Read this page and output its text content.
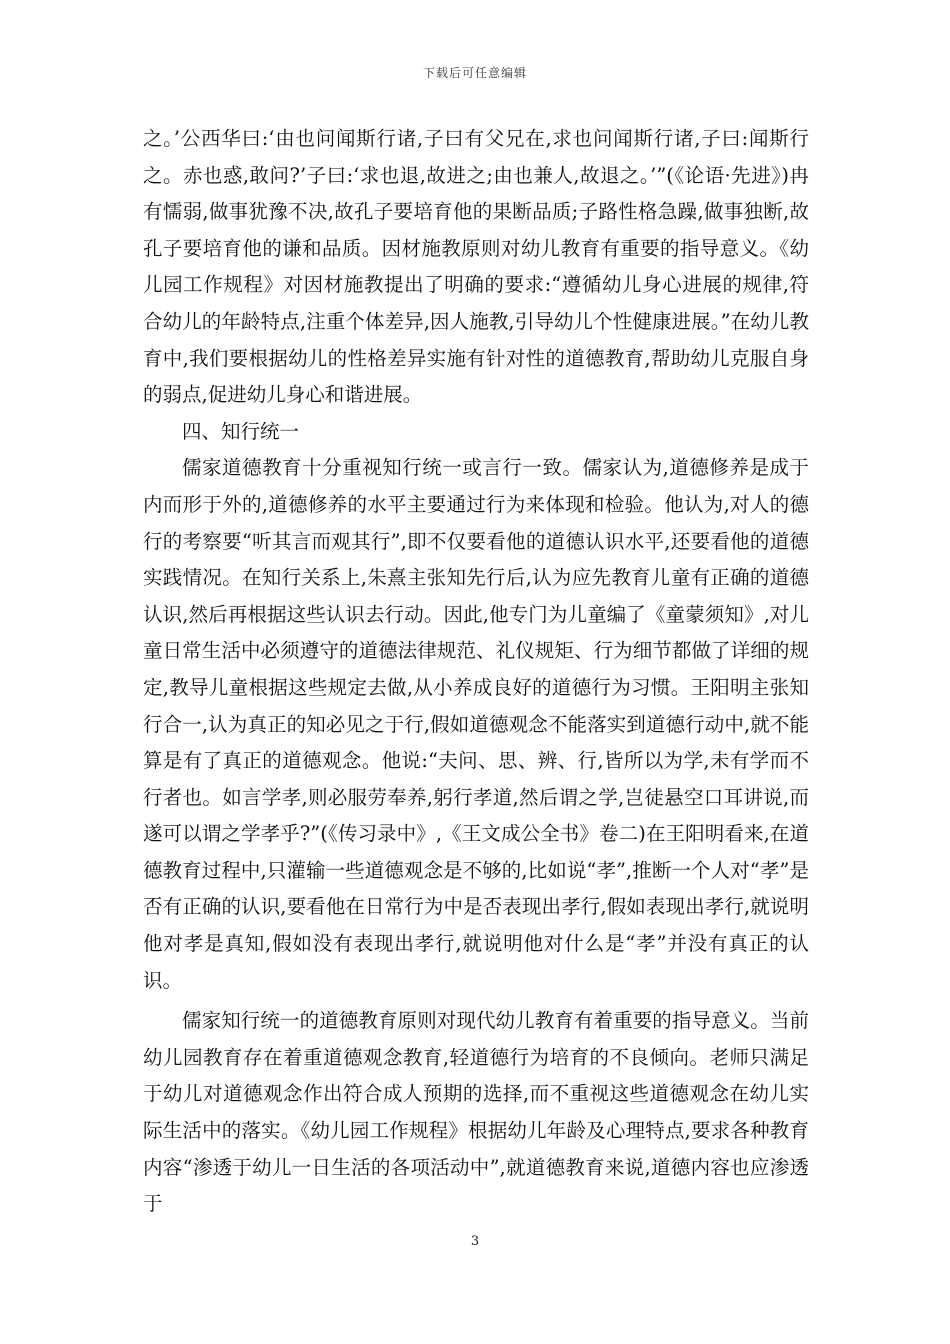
下载后可任意编辑

之。’公西华曰:‘由也问闻斯行诸,子曰有父兄在,求也问闻斯行诸,子曰:闻斯行之。赤也惑,敢问?’子曰:‘求也退,故进之;由也兼人,故退之。’”(《论语·先进》)冉有懦弱,做事犹豫不决,故孔子要培育他的果断品质;子路性格急躁,做事独断,故孔子要培育他的谦和品质。因材施教原则对幼儿教育有重要的指导意义。《幼儿园工作规程》对因材施教提出了明确的要求:“遵循幼儿身心进展的规律,符合幼儿的年龄特点,注重个体差异,因人施教,引导幼儿个性健康进展。”在幼儿教育中,我们要根据幼儿的性格差异实施有针对性的道德教育,帮助幼儿克服自身的弱点,促进幼儿身心和谐进展。

四、知行统一

儒家道德教育十分重视知行统一或言行一致。儒家认为,道德修养是成于内而形于外的,道德修养的水平主要通过行为来体现和检验。他认为,对人的德行的考察要“听其言而观其行”,即不仅要看他的道德认识水平,还要看他的道德实践情况。在知行关系上,朱熹主张知先行后,认为应先教育儿童有正确的道德认识,然后再根据这些认识去行动。因此,他专门为儿童编了《童蒙须知》,对儿童日常生活中必须遵守的道德法律规范、礼仪规矩、行为细节都做了详细的规定,教导儿童根据这些规定去做,从小养成良好的道德行为习惯。王阳明主张知行合一,认为真正的知必见之于行,假如道德观念不能落实到道德行动中,就不能算是有了真正的道德观念。他说:“夫问、思、辨、行,皆所以为学,未有学而不行者也。如言学孝,则必服劳奉养,躬行孝道,然后谓之学,岂徒悬空口耳讲说,而遂可以谓之学孝乎?”(《传习录中》,《王文成公全书》卷二)在王阳明看来,在道德教育过程中,只灌输一些道德观念是不够的,比如说“孝”,推断一个人对“孝”是否有正确的认识,要看他在日常行为中是否表现出孝行,假如表现出孝行,就说明他对孝是真知,假如没有表现出孝行,就说明他对什么是“孝”并没有真正的认识。

儒家知行统一的道德教育原则对现代幼儿教育有着重要的指导意义。当前幼儿园教育存在着重道德观念教育,轻道德行为培育的不良倾向。老师只满足于幼儿对道德观念作出符合成人预期的选择,而不重视这些道德观念在幼儿实际生活中的落实。《幼儿园工作规程》根据幼儿年龄及心理特点,要求各种教育内容“渗透于幼儿一日生活的各项活动中”,就道德教育来说,道德内容也应渗透于

3
